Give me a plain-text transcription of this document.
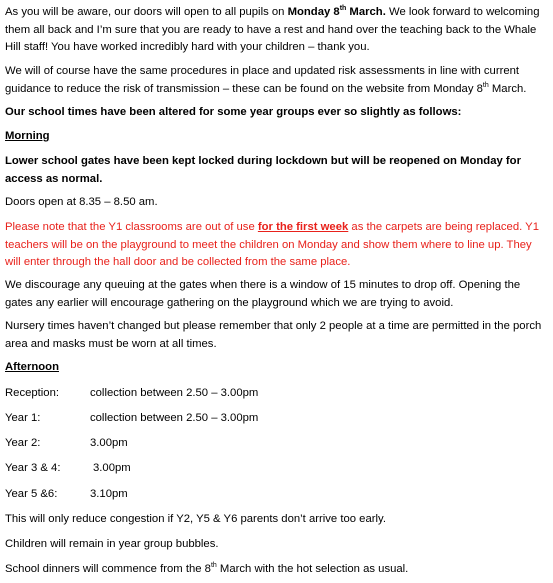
As you will be aware, our doors will open to all pupils on Monday 8th March. We look forward to welcoming them all back and I’m sure that you are ready to have a rest and hand over the teaching back to the Whale Hill staff! You have worked incredibly hard with your children – thank you.

We will of course have the same procedures in place and updated risk assessments in line with current guidance to reduce the risk of transmission – these can be found on the website from Monday 8th March.

Our school times have been altered for some year groups ever so slightly as follows:

Morning

Lower school gates have been kept locked during lockdown but will be reopened on Monday for access as normal.

Doors open at 8.35 – 8.50 am.

Please note that the Y1 classrooms are out of use for the first week as the carpets are being replaced. Y1 teachers will be on the playground to meet the children on Monday and show them where to line up. They will enter through the hall door and be collected from the same place.

We discourage any queuing at the gates when there is a window of 15 minutes to drop off. Opening the gates any earlier will encourage gathering on the playground which we are trying to avoid.

Nursery times haven’t changed but please remember that only 2 people at a time are permitted in the porch area and masks must be worn at all times.

Afternoon

Reception:	collection between 2.50 – 3.00pm
Year 1:	collection between 2.50 – 3.00pm
Year 2:	3.00pm
Year 3 & 4:	3.00pm
Year 5 &6:	3.10pm

This will only reduce congestion if Y2, Y5 & Y6 parents don’t arrive too early.

Children will remain in year group bubbles.

School dinners will commence from the 8th March with the hot selection as usual.
